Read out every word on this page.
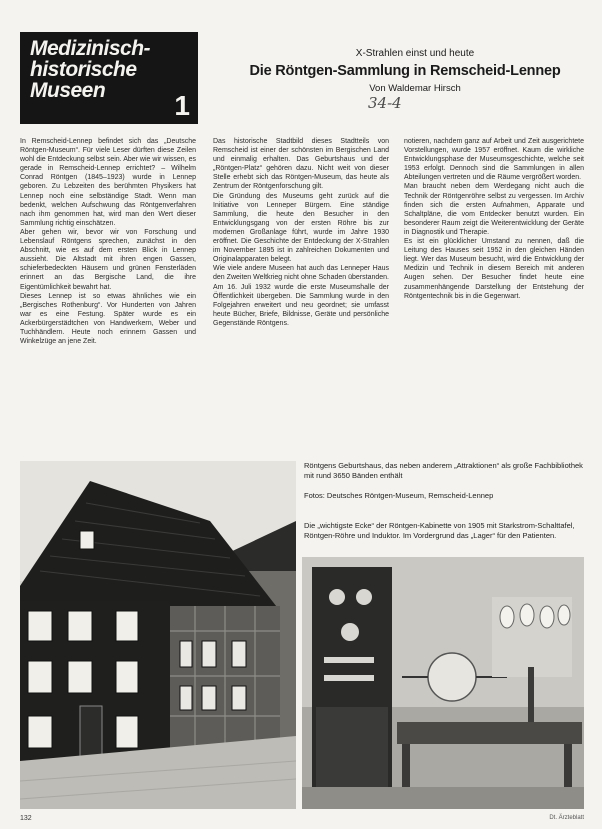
Medizinisch-
historische
Museen	1
X-Strahlen einst und heute
Die Röntgen-Sammlung in Remscheid-Lennep
Von Waldemar Hirsch
34-4

In Remscheid-Lennep befindet sich das „Deutsche Röntgen-Museum“. Für viele Leser dürften diese Zeilen wohl die Entdeckung selbst sein. Aber wie wir wissen, es gerade in Remscheid-Lennep errichtet? – Wilhelm Conrad Röntgen (1845–1923) wurde in Lennep geboren. Zu Lebzeiten des berühmten Physikers hat Lennep noch eine selbständige Stadt. Wenn man bedenkt, welchen Aufschwung das Röntgenverfahren nach ihm genommen hat, wird man den Wert dieser Sammlung richtig einschätzen.

Aber gehen wir, bevor wir von Forschung und Lebenslauf Röntgens sprechen, zunächst in den Abschnitt, wie es auf dem ersten Blick in Lennep aussieht. Die Altstadt mit ihren engen Gassen, schieferbedeckten Häusern und grünen Fensterläden erinnert an das Bergische Land, die ihre Eigentümlichkeit bewahrt hat.

Dieses Lennep ist so etwas ähnliches wie ein „Bergisches Rothenburg“. Vor Hunderten von Jahren war es eine Festung. Später wurde es ein Ackerbürgerstädtchen von Handwerkern, Weber und Tuchhändlern. Heute noch erinnern Gassen und Winkelzüge an jene Zeit.

Das historische Stadtbild dieses Stadtteils von Remscheid ist einer der schönsten im Bergischen Land und einmalig erhalten. Das Geburtshaus und der „Röntgen-Platz“ gehören dazu. Nicht weit von dieser Stelle erhebt sich das Röntgen-Museum, das heute als Zentrum der Röntgenforschung gilt.

Die Gründung des Museums geht zurück auf die Initiative von Lenneper Bürgern. Eine ständige Sammlung, die heute den Besucher in den Entwicklungsgang von der ersten Röhre bis zur modernen Großanlage führt, wurde im Jahre 1930 eröffnet. Die Geschichte der Entdeckung der X-Strahlen im November 1895 ist in zahlreichen Dokumenten und Originalapparaten belegt.

Wie viele andere Museen hat auch das Lenneper Haus den Zweiten Weltkrieg nicht ohne Schaden überstanden. Am 16. Juli 1932 wurde die erste Museumshalle der Öffentlichkeit übergeben. Die Sammlung wurde in den Folgejahren erweitert und neu geordnet; sie umfasst heute Bücher, Briefe, Bildnisse, Geräte und persönliche Gegenstände Röntgens.

notieren, nachdem ganz auf Arbeit und Zeit ausgerichtete Vorstellungen, wurde 1957 eröffnet. Kaum die wirkliche Entwicklungsphase der Museumsgeschichte, welche seit 1953 erfolgt. Dennoch sind die Sammlungen in allen Abteilungen vertreten und die Räume vergrößert worden.

Man braucht neben dem Werdegang nicht auch die Technik der Röntgenröhre selbst zu vergessen. Im Archiv finden sich die ersten Aufnahmen, Apparate und Schaltpläne, die vom Entdecker benutzt wurden. Ein besonderer Raum zeigt die Weiterentwicklung der Geräte in Diagnostik und Therapie.

Es ist ein glücklicher Umstand zu nennen, daß die Leitung des Hauses seit 1952 in den gleichen Händen liegt. Wer das Museum besucht, wird die Entwicklung der Medizin und Technik in diesem Bereich mit anderen Augen sehen. Der Besucher findet heute eine zusammenhängende Darstellung der Entstehung der Röntgentechnik bis in die Gegenwart.

Röntgens Geburtshaus, das neben anderem „Attraktionen“ als große Fachbibliothek mit rund 3650 Bänden enthält
Fotos: Deutsches Röntgen-Museum, Remscheid-Lennep
Die „wichtigste Ecke“ der Röntgen-Kabinette von 1905 mit Starkstrom-Schalttafel, Röntgen-Röhre und Induktor. Im Vordergrund das „Lager“ für den Patienten.
132	Dt. Ärzteblatt
